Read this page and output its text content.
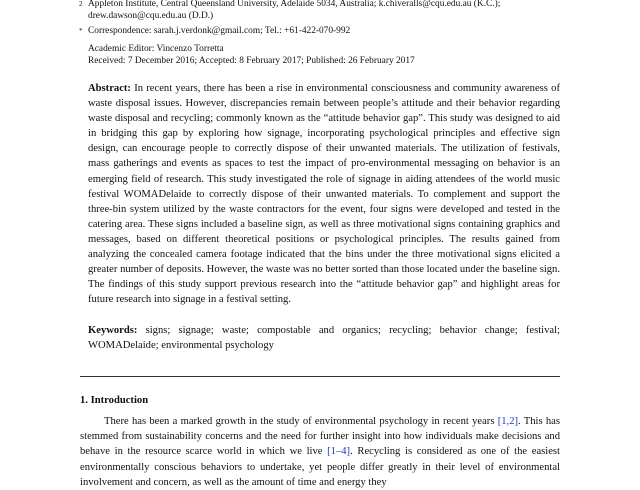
2 Appleton Institute, Central Queensland University, Adelaide 5034, Australia; k.chiveralls@cqu.edu.au (K.C.);
drew.dawson@cqu.edu.au (D.D.)
* Correspondence: sarah.j.verdonk@gmail.com; Tel.: +61-422-070-992
Academic Editor: Vincenzo Torretta
Received: 7 December 2016; Accepted: 8 February 2017; Published: 26 February 2017

Abstract: In recent years, there has been a rise in environmental consciousness and community awareness of waste disposal issues. However, discrepancies remain between people’s attitude and their behavior regarding waste disposal and recycling; commonly known as the “attitude behavior gap”. This study was designed to aid in bridging this gap by exploring how signage, incorporating psychological principles and effective sign design, can encourage people to correctly dispose of their unwanted materials. The utilization of festivals, mass gatherings and events as spaces to test the impact of pro-environmental messaging on behavior is an emerging field of research. This study investigated the role of signage in aiding attendees of the world music festival WOMADelaide to correctly dispose of their unwanted materials. To complement and support the three-bin system utilized by the waste contractors for the event, four signs were developed and tested in the catering area. These signs included a baseline sign, as well as three motivational signs containing graphics and messages, based on different theoretical positions or psychological principles. The results gained from analyzing the concealed camera footage indicated that the bins under the three motivational signs elicited a greater number of deposits. However, the waste was no better sorted than those located under the baseline sign. The findings of this study support previous research into the “attitude behavior gap” and highlight areas for future research into signage in a festival setting.

Keywords: signs; signage; waste; compostable and organics; recycling; behavior change; festival; WOMADelaide; environmental psychology

1. Introduction

There has been a marked growth in the study of environmental psychology in recent years [1,2]. This has stemmed from sustainability concerns and the need for further insight into how individuals make decisions and behave in the resource scarce world in which we live [1–4]. Recycling is considered as one of the easiest environmentally conscious behaviors to undertake, yet people differ greatly in their level of environmental involvement and concern, as well as the amount of time and energy they
